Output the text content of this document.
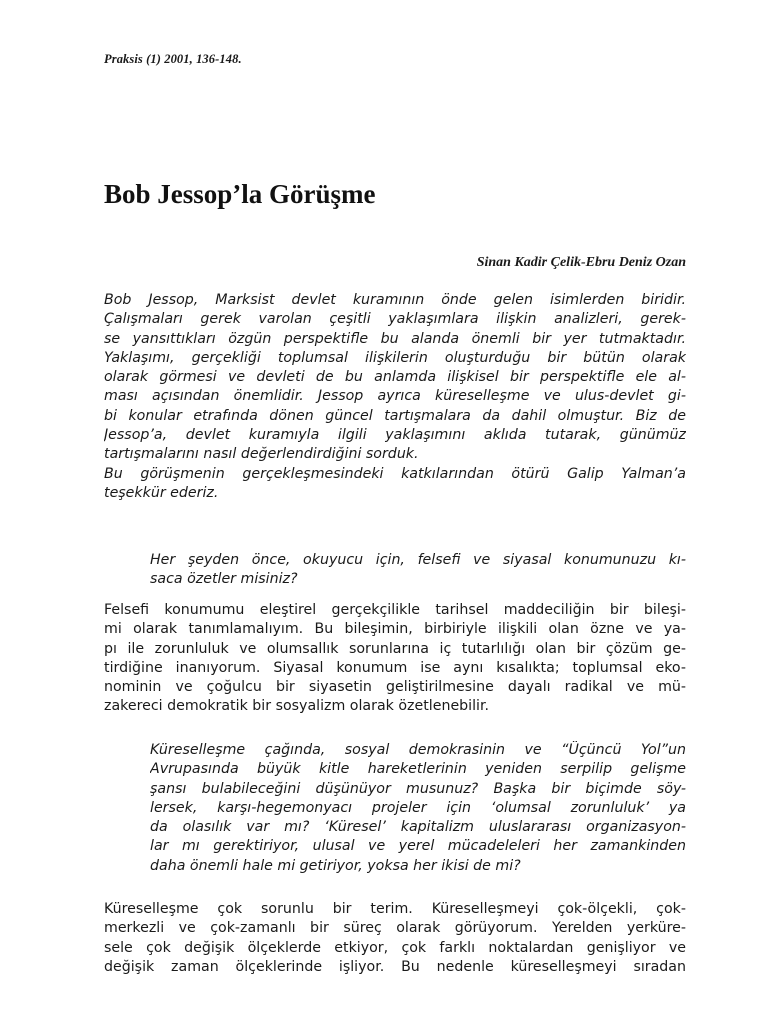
Praksis (1) 2001, 136-148.
Bob Jessop’la Görüşme
Sinan Kadir Çelik-Ebru Deniz Ozan
Bob Jessop, Marksist devlet kuramının önde gelen isimlerden biridir.
Çalışmaları gerek varolan çeşitli yaklaşımlara ilişkin analizleri, gerek-
se yansıttıkları özgün perspektifle bu alanda önemli bir yer tutmaktadır.
Yaklaşımı, gerçekliği toplumsal ilişkilerin oluşturduğu bir bütün olarak
olarak görmesi ve devleti de bu anlamda ilişkisel bir perspektifle ele al-
ması açısından önemlidir. Jessop ayrıca küreselleşme ve ulus-devlet gi-
bi konular etrafında dönen güncel tartışmalara da dahil olmuştur. Biz de
Jessop’a, devlet kuramıyla ilgili yaklaşımını aklıda tutarak, günümüz
tartışmalarını nasıl değerlendirdiğini sorduk.
Bu görüşmenin gerçekleşmesindeki katkılarından ötürü Galip Yalman’a
teşekkür ederiz.
Her şeyden önce, okuyucu için, felsefi ve siyasal konumunuzu kı-
saca özetler misiniz?
Felsefi konumumu eleştirel gerçekçilikle tarihsel maddeciliğin bir bileşi-
mi olarak tanımlamalıyım. Bu bileşimin, birbiriyle ilişkili olan özne ve ya-
pı ile zorunluluk ve olumsallık sorunlarına iç tutarlılığı olan bir çözüm ge-
tirdiğine inanıyorum. Siyasal konumum ise aynı kısalıkta; toplumsal eko-
nominin ve çoğulcu bir siyasetin geliştirilmesine dayalı radikal ve mü-
zakereci demokratik bir sosyalizm olarak özetlenebilir.
Küreselleşme çağında, sosyal demokrasinin ve “Üçüncü Yol”un
Avrupasında büyük kitle hareketlerinin yeniden serpilip gelişme
şansı bulabileceğini düşünüyor musunuz? Başka bir biçimde söy-
lersek, karşı-hegemonyacı projeler için ‘olumsal zorunluluk’ ya
da olasılık var mı? ‘Küresel’ kapitalizm uluslararası organizasyon-
lar mı gerektiriyor, ulusal ve yerel mücadeleleri her zamankinden
daha önemli hale mi getiriyor, yoksa her ikisi de mi?
Küreselleşme çok sorunlu bir terim. Küreselleşmeyi çok-ölçekli, çok-
merkezli ve çok-zamanlı bir süreç olarak görüyorum. Yerelden yerküre-
sele çok değişik ölçeklerde etkiyor, çok farklı noktalardan genişliyor ve
değişik zaman ölçeklerinde işliyor. Bu nedenle küreselleşmeyi sıradan
